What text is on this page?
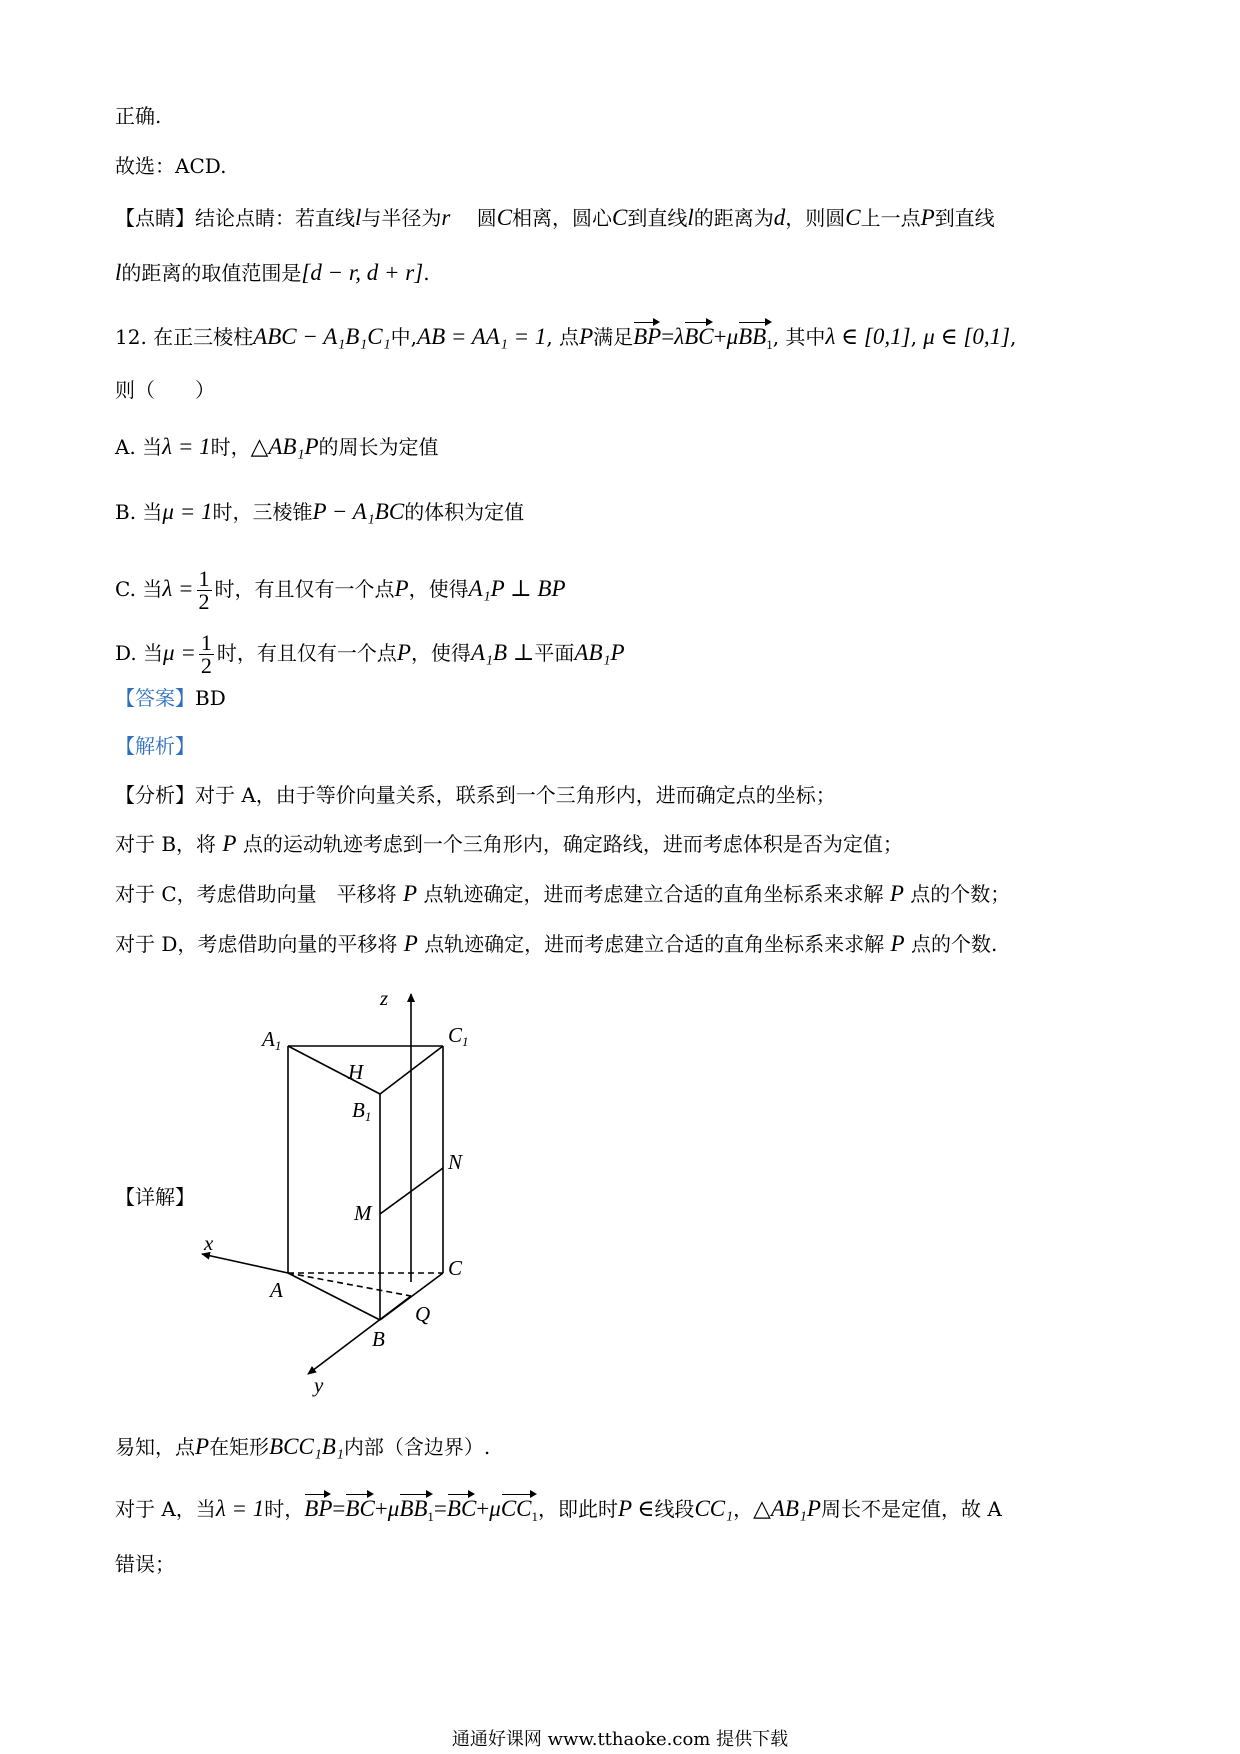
正确.
故选：ACD.
【点睛】结论点睛：若直线l与半径为r　 圆C相离，圆心C到直线l的距离为d，则圆C上一点P到直线
l的距离的取值范围是[d − r, d + r].
12. 在正三棱柱ABC − A₁B₁C₁中,AB = AA₁ = 1, 点P满足BP=λBC+μBB$_1$, 其中λ ∈ [0,1], μ ∈ [0,1],
则（　　）
A. 当λ = 1时，△AB₁P的周长为定值
B. 当μ = 1时，三棱锥P − A₁BC的体积为定值
C. 当$\lambda = \frac{1}{2}$ 时，有且仅有一个点P，使得A₁P ⊥ BP
D. 当$\mu = \frac{1}{2}$ 时，有且仅有一个点P，使得A₁B ⊥平面AB₁P
【答案】BD
【解析】
【分析】对于 A，由于等价向量关系，联系到一个三角形内，进而确定点的坐标；
对于 B，将 P 点的运动轨迹考虑到一个三角形内，确定路线，进而考虑体积是否为定值；
对于 C，考虑借助向量　平移将 P 点轨迹确定，进而考虑建立合适的直角坐标系来求解 P 点的个数；
对于 D，考虑借助向量的平移将 P 点轨迹确定，进而考虑建立合适的直角坐标系来求解 P 点的个数.
【详解】
z
A1	C1
H
B1
N
M
x
C
A
Q
B
y
易知，点P在矩形BCC₁B₁内部（含边界）.
对于 A，当λ = 1时，BP=BC+μBB$_1$=BC+μCC$_1$，即此时P ∈线段CC₁，△AB₁P周长不是定值，故 A
错误；
通通好课网 www.tthaoke.com 提供下载
